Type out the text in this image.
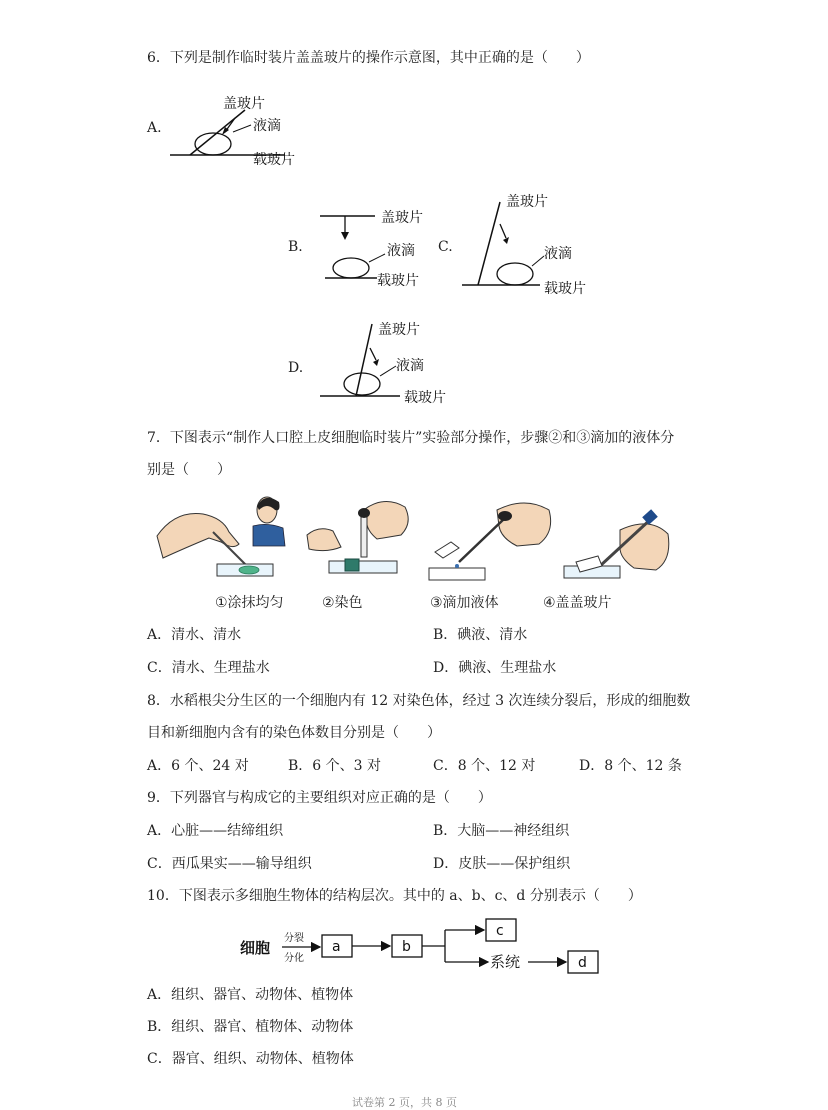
6．下列是制作临时装片盖盖玻片的操作示意图，其中正确的是（　　）
A.
盖玻片
液滴
载玻片
B.
盖玻片
液滴
载玻片
C.
盖玻片
液滴
载玻片
D.
盖玻片
液滴
载玻片
7．下图表示“制作人口腔上皮细胞临时装片”实验部分操作，步骤②和③滴加的液体分
别是（　　）
①涂抹均匀	②染色	③滴加液体	④盖盖玻片
A．清水、清水	B．碘液、清水
C．清水、生理盐水	D．碘液、生理盐水
8．水稻根尖分生区的一个细胞内有 12 对染色体，经过 3 次连续分裂后，形成的细胞数
目和新细胞内含有的染色体数目分别是（　　）
A．6 个、24 对	B．6 个、3 对	C．8 个、12 对	D．8 个、12 条
9．下列器官与构成它的主要组织对应正确的是（　　）
A．心脏——结缔组织	B．大脑——神经组织
C．西瓜果实——输导组织	D．皮肤——保护组织
10．下图表示多细胞生物体的结构层次。其中的 a、b、c、d 分别表示（　　）
细胞
分裂
分化
a	b
c
系统	d
A．组织、器官、动物体、植物体
B．组织、器官、植物体、动物体
C．器官、组织、动物体、植物体
试卷第 2 页，共 8 页
